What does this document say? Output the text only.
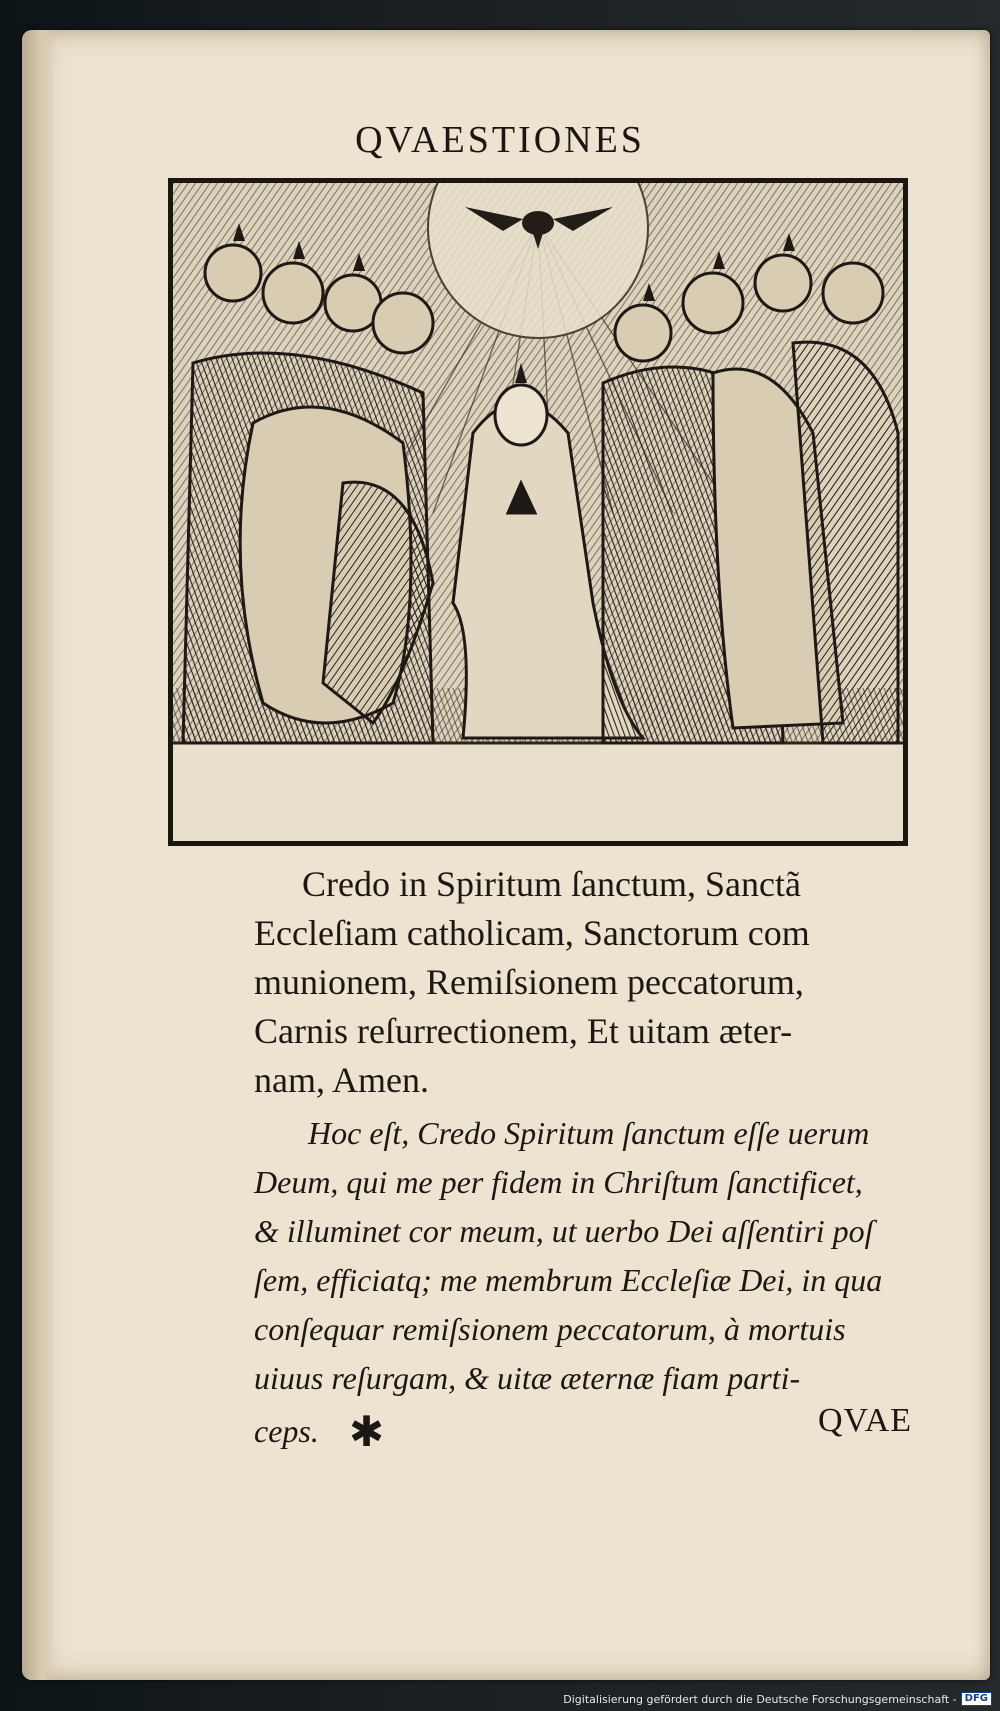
QVAESTIONES

Credo in Spiritum ſanctum, Sanctã
Eccleſiam catholicam, Sanctorum com
munionem, Remiſsionem peccatorum,
Carnis reſurrectionem, Et uitam æter-
nam, Amen.

Hoc eſt, Credo Spiritum ſanctum eſſe uerum
Deum, qui me per fidem in Chriſtum ſanctificet,
& illuminet cor meum, ut uerbo Dei aſſentiri poſ
ſem, efficiatq; me membrum Eccleſiæ Dei, in qua
conſequar remiſsionem peccatorum, à mortuis
uiuus reſurgam, & uitæ æternæ fiam parti-
ceps. ✱	QVAE
Digitalisierung gefördert durch die Deutsche Forschungsgemeinschaft - DFG
